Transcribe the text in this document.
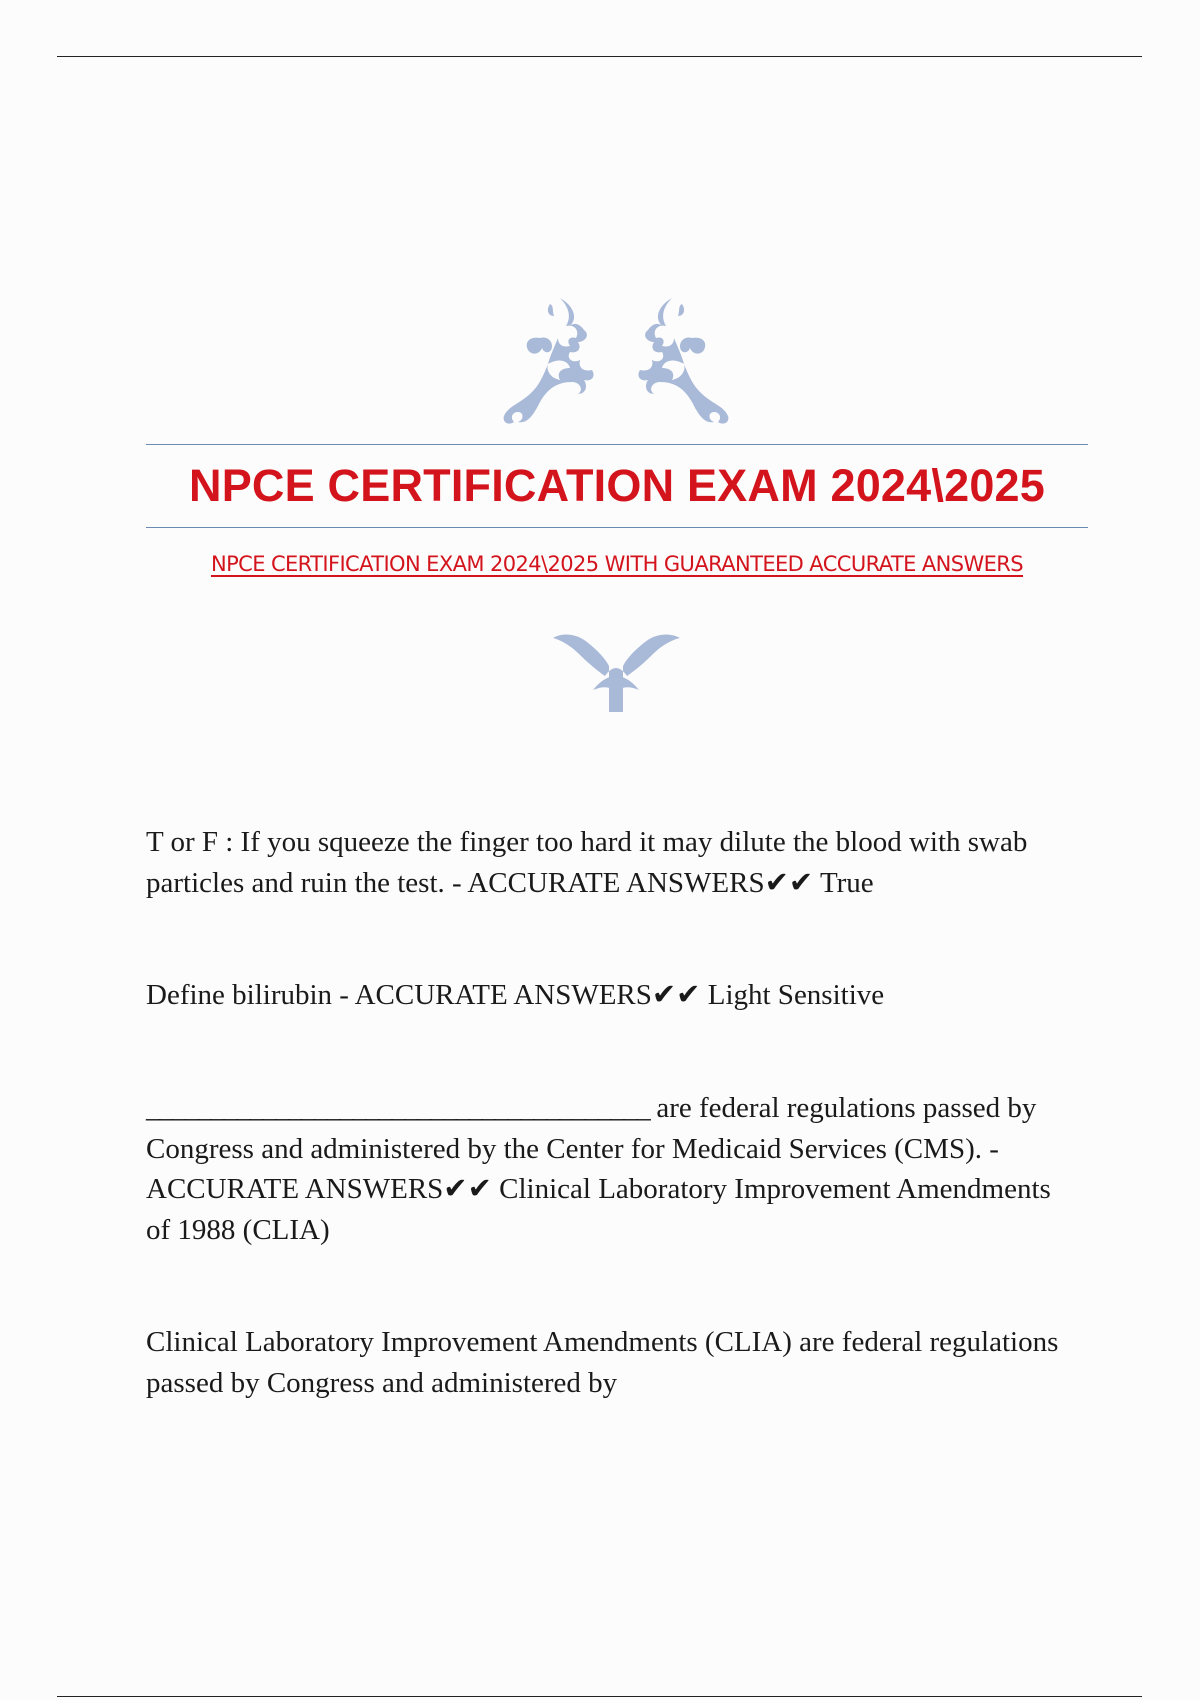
NPCE CERTIFICATION EXAM 2024\2025
NPCE CERTIFICATION EXAM 2024\2025 WITH GUARANTEED ACCURATE ANSWERS

T or F : If you squeeze the finger too hard it may dilute the blood with swab particles and ruin the test. - ACCURATE ANSWERS✔✔ True

Define bilirubin - ACCURATE ANSWERS✔✔ Light Sensitive

_______________________________________ are federal regulations passed by Congress and administered by the Center for Medicaid Services (CMS). - ACCURATE ANSWERS✔✔ Clinical Laboratory Improvement Amendments of 1988 (CLIA)

Clinical Laboratory Improvement Amendments (CLIA) are federal regulations passed by Congress and administered by
